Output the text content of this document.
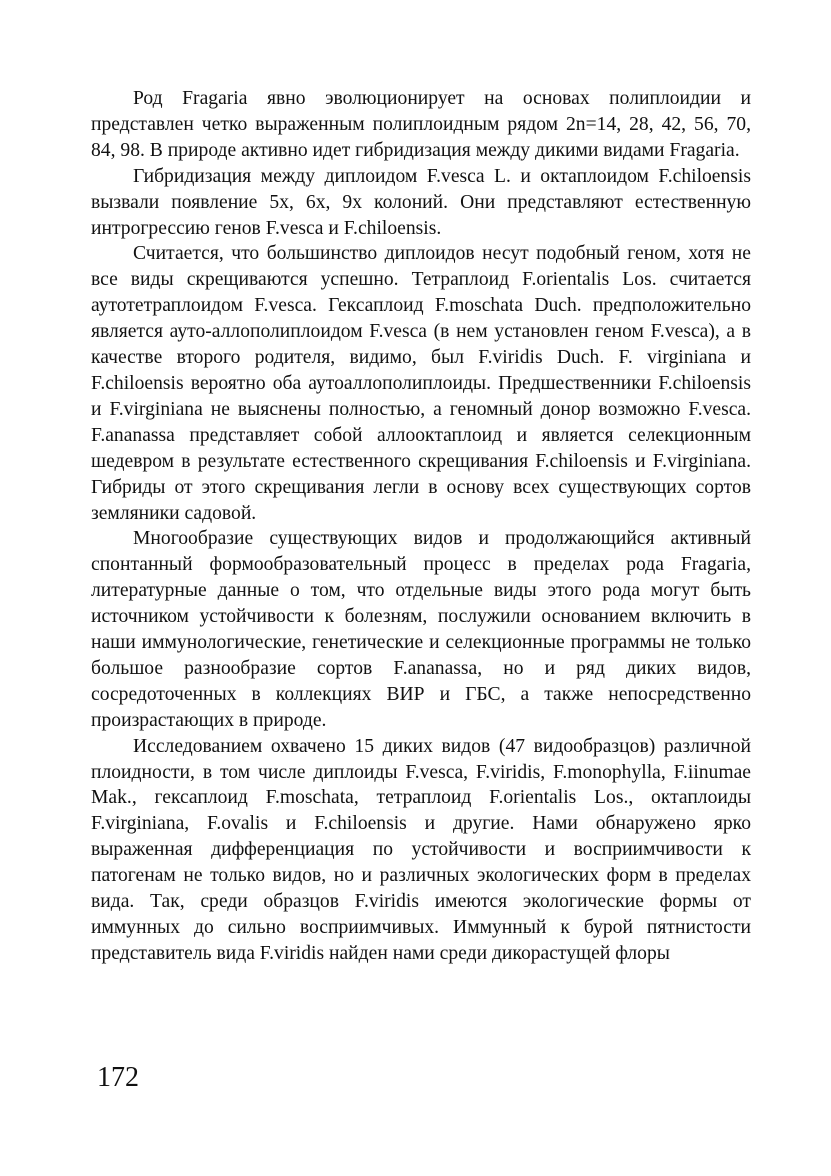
Род Fragaria явно эволюционирует на основах полиплоидии и представлен четко выраженным полиплоидным рядом 2n=14, 28, 42, 56, 70, 84, 98. В природе активно идет гибридизация между дикими видами Fragaria.

Гибридизация между диплоидом F.vesca L. и октаплоидом F.chiloensis вызвали появление 5х, 6х, 9х колоний. Они представляют естественную интрогрессию генов F.vesca и F.chiloensis.

Считается, что большинство диплоидов несут подобный геном, хотя не все виды скрещиваются успешно. Тетраплоид F.orientalis Los. считается аутотетраплоидом F.vesca. Гексаплоид F.moschata Duch. предположительно является ауто-аллополиплоидом F.vesca (в нем установлен геном F.vesca), а в качестве второго родителя, видимо, был F.viridis Duch. F. virginiana и F.chiloensis вероятно оба аутоаллополиплоиды. Предшественники F.chiloensis и F.virginiana не выяснены полностью, а геномный донор возможно F.vesca. F.ananassa представляет собой аллооктаплоид и является селекционным шедевром в результате естественного скрещивания F.chiloensis и F.virginiana. Гибриды от этого скрещивания легли в основу всех существующих сортов земляники садовой.

Многообразие существующих видов и продолжающийся активный спонтанный формообразовательный процесс в пределах рода Fragaria, литературные данные о том, что отдельные виды этого рода могут быть источником устойчивости к болезням, послужили основанием включить в наши иммунологические, генетические и селекционные программы не только большое разнообразие сортов F.ananassa, но и ряд диких видов, сосредоточенных в коллекциях ВИР и ГБС, а также непосредственно произрастающих в природе.

Исследованием охвачено 15 диких видов (47 видообразцов) различной плоидности, в том числе диплоиды F.vesca, F.viridis, F.monophylla, F.iinumae Mak., гексаплоид F.moschata, тетраплоид F.orientalis Los., октаплоиды F.virginiana, F.ovalis и F.chiloensis и другие. Нами обнаружено ярко выраженная дифференциация по устойчивости и восприимчивости к патогенам не только видов, но и различных экологических форм в пределах вида. Так, среди образцов F.viridis имеются экологические формы от иммунных до сильно восприимчивых. Иммунный к бурой пятнистости представитель вида F.viridis найден нами среди дикорастущей флоры

172
